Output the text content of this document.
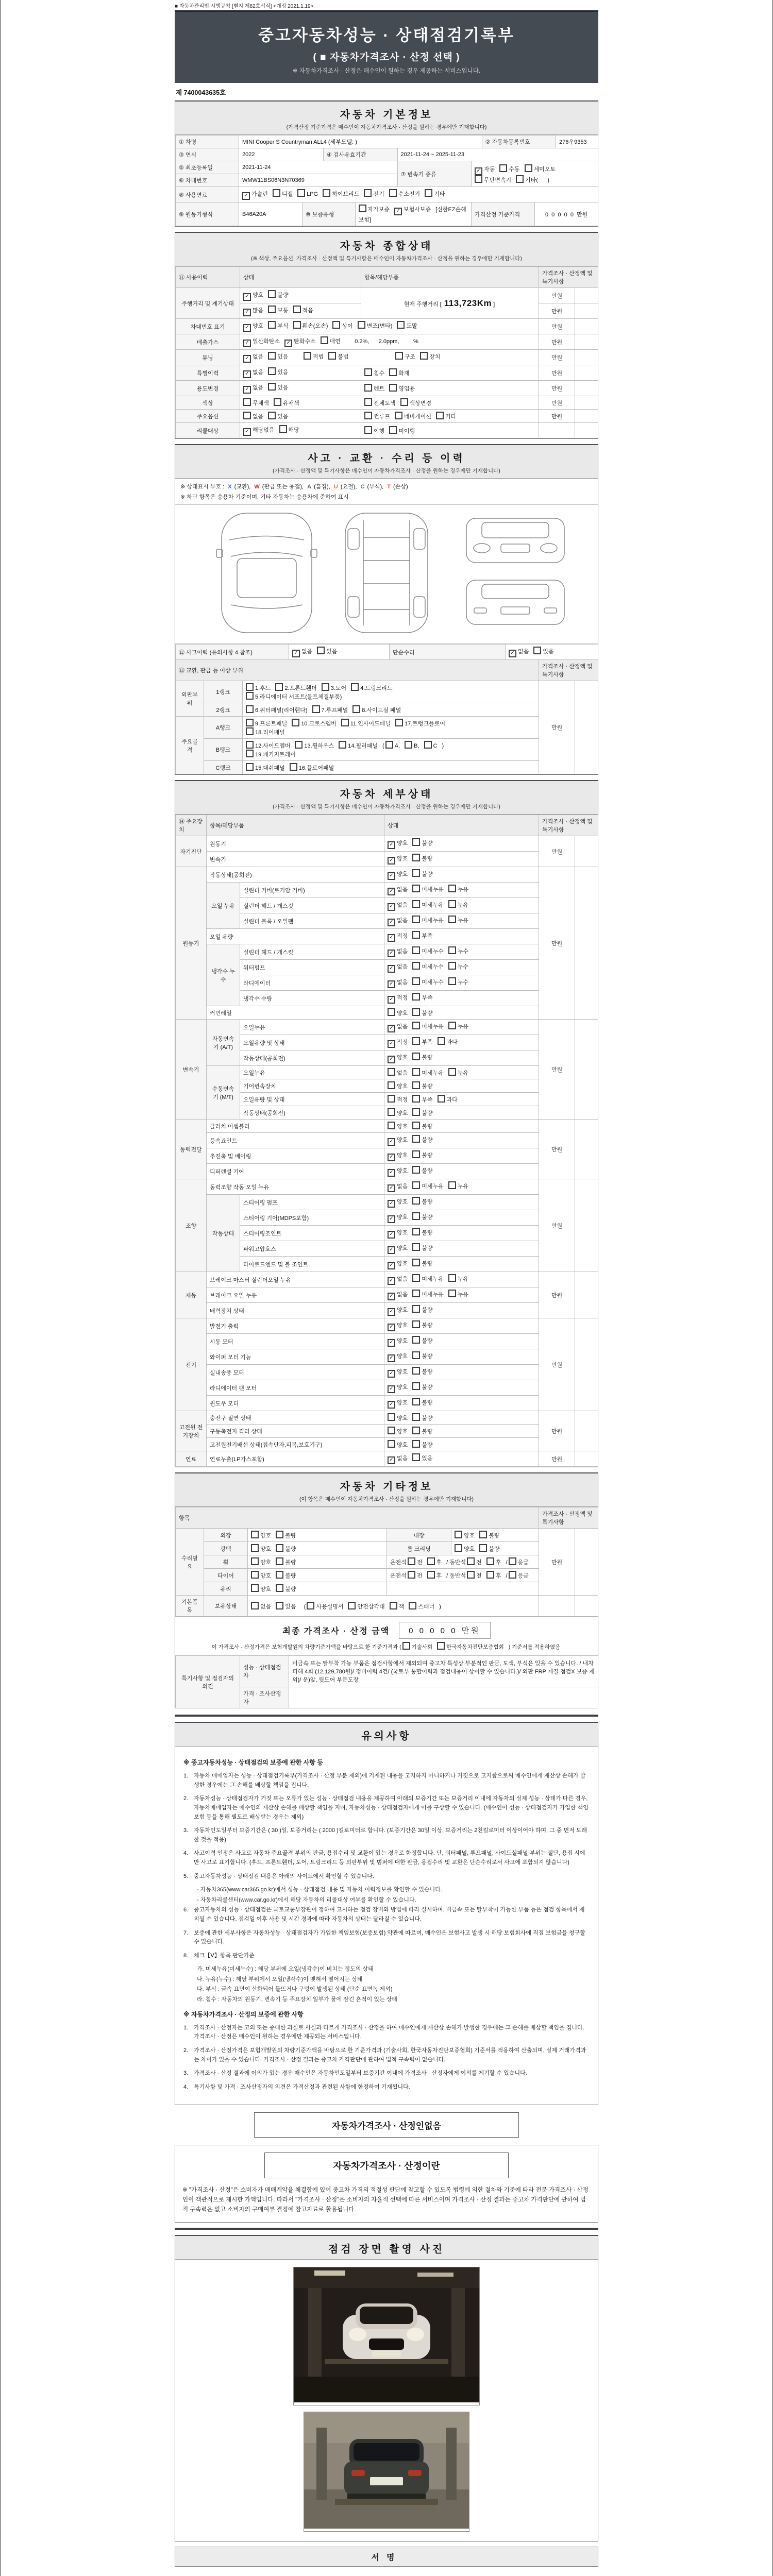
■ 자동차관리법 시행규칙 [별지 제82호서식] <개정 2021.1.19>
중고자동차성능 · 상태점검기록부
( ■ 자동차가격조사 · 산정 선택 )
※ 자동차가격조사 · 산정은 매수인이 원하는 경우 제공하는 서비스입니다.
제 7400043635호
자동차 기본정보
(가격산정 기준가격은 매수인이 자동차가격조사 · 산정을 원하는 경우에만 기재합니다)
① 차명	MINI Cooper S Countryman ALL4 (세부모델: )						② 자동차등록번호		276우9353
③ 연식	2022		④ 검사유효기간		2021-11-24 ~ 2025-11-23				
⑤ 최초등록일	2021-11-24				⑦ 변속기 종류	✓ 자동 수동 세미오토
무단변속기 기타(      )
⑥ 차대번호	WMW11BS06N3N70369								
⑧ 사용연료	✓가솔린 디젤 LPG 하이브리드 전기 수소전기 기타
⑨ 원동기형식	B46A20A	⑩ 보증유형		자가보증 ✓ 보험사보증 [신한EZ손해보험]		가격산정 기준가격		0  0  0  0  0  만원	
자동차 종합상태
(※ 색상, 주요옵션, 가격조사 · 산정액 및 특기사항은 매수인이 자동차가격조사 · 산정을 원하는 경우에만 기재합니다)
⑪ 사용이력	상태	항목/해당부품	가격조사 · 산정액 및 특기사항	
주행거리 및 계기상태	✓ 양호 불량	현재 주행거리 [ 113,723Km ]	만원	
✓ 많음 보통 적음		만원	
차대번호 표기	✓양호 부식 훼손(오손) 상이 변조(변타) 도말		만원	
배출가스	✓일산화탄소 ✓ 탄화수소 매연      0.2%,      2.0ppm,         %		만원	
튜닝	✓없음 있음 적법 불법 구조 장치		만원	
특별이력	✓없음 있음	침수 화재	만원	
용도변경	✓없음 있음	렌트 영업용	만원	
색상	무채색 유채색	전체도색 색상변경	만원	
주요옵션	없음 있음	썬루프 네비게이션 기타	만원	
리콜대상	✓해당없음 해당	이행 미이행		
사고 · 교환 · 수리 등 이력
(가격조사 · 산정액 및 특기사항은 매수인이 자동차가격조사 · 산정을 원하는 경우에만 기재합니다)
※ 상태표시 부호 : X (교환), W (판금 또는 용접), A (흠집), U (요철), C (부식), T (손상)
※ 하단 항목은 승용차 기준이며, 기타 자동차는 승용차에 준하여 표시
⑫ 사고이력 (유의사항 4.참조)	✓없음 있음	단순수리	✓없음 있음
⑬ 교환, 판금 등 이상 부위			가격조사 · 산정액 및 특기사항	
외판부위	1랭크	1.후드 2.프론트휀더 3.도어 4.트렁크리드
5.라디에이터 서포트(볼트체결부품)	만원	
	2랭크	6.쿼터패널(리어휀다) 7.루프패널 8.사이드실 패널		
주요골격	A랭크	9.프론트패널 10.크로스멤버 11.인사이드패널 17.트렁크플로어
18.리어패널		
	B랭크	12.사이드멤버 13.휠하우스 14.필러패널 ( A, B, C )
19.패키지트레이		
	C랭크	15.대쉬패널 16.플로어패널		
자동차 세부상태
(가격조사 · 산정액 및 특기사항은 매수인이 자동차가격조사 · 산정을 원하는 경우에만 기재합니다)
⑭ 주요장치	항목/해당부품		상태	가격조사 · 산정액 및 특기사항	
자기진단	원동기	✓양호 불량	만원	
	변속기	✓양호 불량
원동기	작동상태(공회전)	✓양호 불량	만원	
	오일 누유	실린더 커버(로커암 커버)	✓없음 미세누유 누유
		실린더 헤드 / 개스킷	✓없음 미세누유 누유
		실린더 블록 / 오일팬	✓없음 미세누유 누유
	오일 유량	✓적정 부족
	냉각수 누수	실린더 헤드 / 개스킷	✓없음 미세누수 누수
		워터펌프	✓없음 미세누수 누수
		라디에이터	✓없음 미세누수 누수
		냉각수 수량	✓적정 부족
	커먼레일		양호 불량		
변속기	자동변속기 (A/T)	오일누유	✓없음 미세누유 누유	만원	
		오일유량 및 상태	✓적정 부족 과다
		작동상태(공회전)	✓양호 불량
	수동변속기 (M/T)	오일누유	없음 미세누유 누유		
		기어변속장치	양호 불량		
		오일유량 및 상태	적정 부족 과다		
		작동상태(공회전)	양호 불량		
동력전달	클러치 어셈블리		양호 불량	만원	
	등속죠인트	✓양호 불량
	추진축 및 베어링	✓양호 불량
	디퍼렌셜 기어	✓양호 불량
조향	동력조향 작동 오일 누유	✓없음 미세누유 누유	만원	
	작동상태	스티어링 펌프	✓양호 불량
		스티어링 기어(MDPS포함)	✓양호 불량
		스티어링조인트	✓양호 불량
		파워고압호스	✓양호 불량
		타이로드엔드 및 볼 조인트	✓양호 불량
제동	브레이크 마스터 실린더오일 누유	✓없음 미세누유 누유	만원	
	브레이크 오일 누유	✓없음 미세누유 누유
	배력장치 상태	✓양호 불량
전기	발전기 출력	✓양호 불량	만원	
	시동 모터	✓양호 불량
	와이퍼 모터 기능	✓양호 불량
	실내송풍 모터	✓양호 불량
	라디에이터 팬 모터	✓양호 불량
	윈도우 모터	✓양호 불량
고전원 전기장치	충전구 절연 상태		양호 불량	만원	
	구동축전지 격리 상태		양호 불량		
	고전원전기배선 상태(접속단자,피복,보호기구)		양호 불량		
연료	연료누출(LP가스포함)	✓없음 있음	만원	
자동차 기타정보
(이 항목은 매수인이 자동차가격조사 · 산정을 원하는 경우에만 기재합니다)
항목					가격조사 · 산정액 및 특기사항	
수리필요	외장	양호 불량	내장	양호 불량	만원	
	광택	양호 불량	룸 크리닝	양호 불량		
	휠	양호 불량	운전석 전 후 / 동반석 전 후 / 응급			
	타이어	양호 불량	운전석 전 후 / 동반석 전 후 / 응급			
	유리	양호 불량				
기본품목	보유상태	없음 있음  ( 사용설명서 안전삼각대 잭 스패너 )				
최종 가격조사 · 산정 금액	0 0 0 0 0 만원
이 가격조사 · 산정가격은 보험개발원의 차량기준가액을 바탕으로 한 기준가격과 ( 기술사회	한국자동차진단보증협회 ) 기준서를 적용하였음
특기사항 및 점검자의 의견	성능 · 상태점검자	비금속 또는 탈부착 가능 부품은 점검사항에서 제외되며 중고차 특성상 부분적인 판금, 도색, 부식은 있을 수 있습니다. / 내차 피해 4회 (12,129,780원)/ 정비이력 4건/ (국토부 통합이력과 점검내용이 상이할 수 있습니다.)/ 외판 FRP 재질 점검X 보증 제외)/ 운)앞, 뒷도어 부분도장
	가격 · 조사산정자	
유의사항
※ 중고자동차성능 · 상태점검의 보증에 관한 사항 등
1. 자동차 매매업자는 성능 · 상태점검기록부(가격조사 · 산정 부분 제외)에 기재된 내용을 고지하지 아니하거나 거짓으로 고지함으로써 매수인에게 재산상 손해가 발생한 경우에는 그 손해를 배상할 책임을 집니다.
2. 자동차성능 · 상태점검자가 거짓 또는 오류가 있는 성능 · 상태점검 내용을 제공하여 아래의 보증기간 또는 보증거리 이내에 자동차의 실제 성능 · 상태가 다른 경우, 자동차매매업자는 매수인의 재산상 손해를 배상할 책임을 지며, 자동차성능 · 상태점검자에게 이를 구상할 수 있습니다. (매수인이 성능 · 상태점검자가 가입한 책임보험 등을 통해 별도로 배상받는 경우는 제외)
3. 자동차인도일부터 보증기간은 ( 30 )일, 보증거리는 ( 2000 )킬로미터로 합니다. (보증기간은 30일 이상, 보증거리는 2천킬로미터 이상이어야 하며, 그 중 먼저 도래한 것을 적용)
4. 사고이력 인정은 사고로 자동차 주요골격 부위의 판금, 용접수리 및 교환이 있는 경우로 한정합니다. 단, 쿼터패널, 루프패널, 사이드실패널 부위는 절단, 용접 시에만 사고로 표기합니다. (후드, 프론트휀더, 도어, 트렁크리드 등 외판부위 및 범퍼에 대한 판금, 용접수리 및 교환은 단순수리로서 사고에 포함되지 않습니다)
5. 중고자동차성능 · 상태점검 내용은 아래의 사이트에서 확인할 수 있습니다.
- 자동차365(www.car365.go.kr)에서 성능 · 상태점검 내용 및 자동차 이력정보를 확인할 수 있습니다.
- 자동차리콜센터(www.car.go.kr)에서 해당 자동차의 리콜대상 여부를 확인할 수 있습니다.
6. 중고자동차의 성능 · 상태점검은 국토교통부장관이 정하여 고시하는 점검 장비와 방법에 따라 실시하며, 비금속 또는 탈부착이 가능한 부품 등은 점검 항목에서 제외될 수 있습니다. 점검일 이후 사용 및 시간 경과에 따라 자동차의 상태는 달라질 수 있습니다.
7. 보증에 관한 세부사항은 자동차성능 · 상태점검자가 가입한 책임보험(보증보험) 약관에 따르며, 매수인은 보험사고 발생 시 해당 보험회사에 직접 보험금을 청구할 수 있습니다.
8. 체크【Ⅴ】항목 판단기준
가. 미세누유(미세누수) : 해당 부위에 오일(냉각수)이 비치는 정도의 상태
나. 누유(누수) : 해당 부위에서 오일(냉각수)이 맺혀서 떨어지는 상태
다. 부식 : 금속 표면이 산화되어 들뜨거나 구멍이 발생된 상태 (단순 표면녹 제외)
라. 침수 : 자동차의 원동기, 변속기 등 주요장치 일부가 물에 잠긴 흔적이 있는 상태
※ 자동차가격조사 · 산정의 보증에 관한 사항
1. 가격조사 · 산정자는 고의 또는 중대한 과실로 사실과 다르게 가격조사 · 산정을 하여 매수인에게 재산상 손해가 발생한 경우에는 그 손해를 배상할 책임을 집니다. 가격조사 · 산정은 매수인이 원하는 경우에만 제공되는 서비스입니다.
2. 가격조사 · 산정가격은 보험개발원의 차량기준가액을 바탕으로 한 기준가격과 (기술사회, 한국자동차진단보증협회) 기준서를 적용하여 산출되며, 실제 거래가격과는 차이가 있을 수 있습니다. 가격조사 · 산정 결과는 중고차 가격판단에 관하여 법적 구속력이 없습니다.
3. 가격조사 · 산정 결과에 이의가 있는 경우 매수인은 자동차인도일부터 보증기간 이내에 가격조사 · 산정자에게 이의를 제기할 수 있습니다.
4. 특기사항 및 가격 · 조사산정자의 의견은 가격산정과 관련된 사항에 한정하여 기재됩니다.
자동차가격조사 · 산정인없음
자동차가격조사 · 산정이란
※ "가격조사 · 산정"은 소비자가 매매계약을 체결함에 있어 중고차 가격의 적절성 판단에 참고할 수 있도록 법령에 의한 절차와 기준에 따라 전문 가격조사 · 산정인이 객관적으로 제시한 가액입니다. 따라서 "가격조사 · 산정"은 소비자의 자율적 선택에 따른 서비스이며 가격조사 · 산정 결과는 중고차 가격판단에 관하여 법적 구속력은 없고 소비자의 구매여부 결정에 참고자료로 활용됩니다.
점검 장면 촬영 사진
서명
